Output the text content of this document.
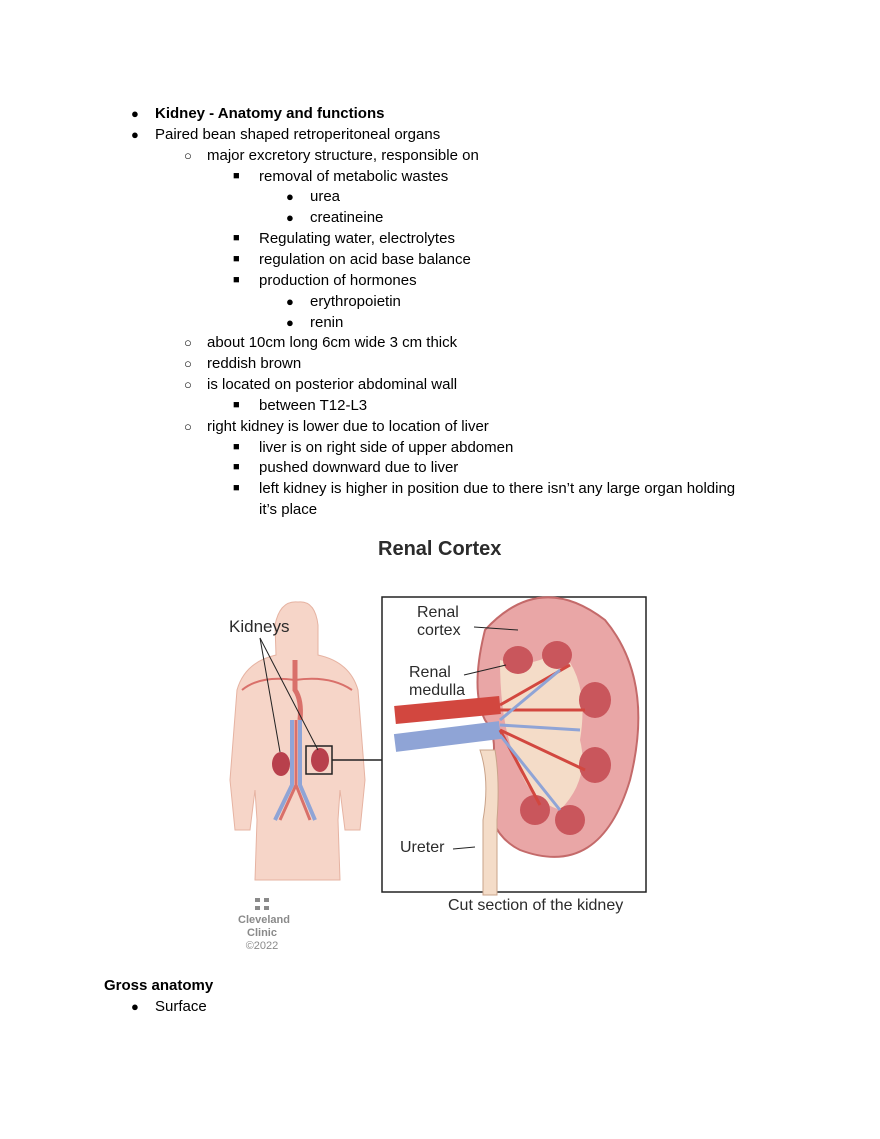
● Kidney - Anatomy and functions
● Paired bean shaped retroperitoneal organs
○ major excretory structure, responsible on
■ removal of metabolic wastes
● urea
● creatineine
■ Regulating water, electrolytes
■ regulation on acid base balance
■ production of hormones
● erythropoietin
● renin
○ about 10cm long 6cm wide 3 cm thick
○ reddish brown
○ is located on posterior abdominal wall
■ between T12-L3
○ right kidney is lower due to location of liver
■ liver is on right side of upper abdomen
■ pushed downward due to liver
■ left kidney is higher in position due to there isn’t any large organ holding
it’s place
Renal Cortex
Kidneys
Renal
cortex
Renal
medulla
Ureter
Cut section of the kidney
Cleveland
Clinic
©2022
Gross anatomy
● Surface
